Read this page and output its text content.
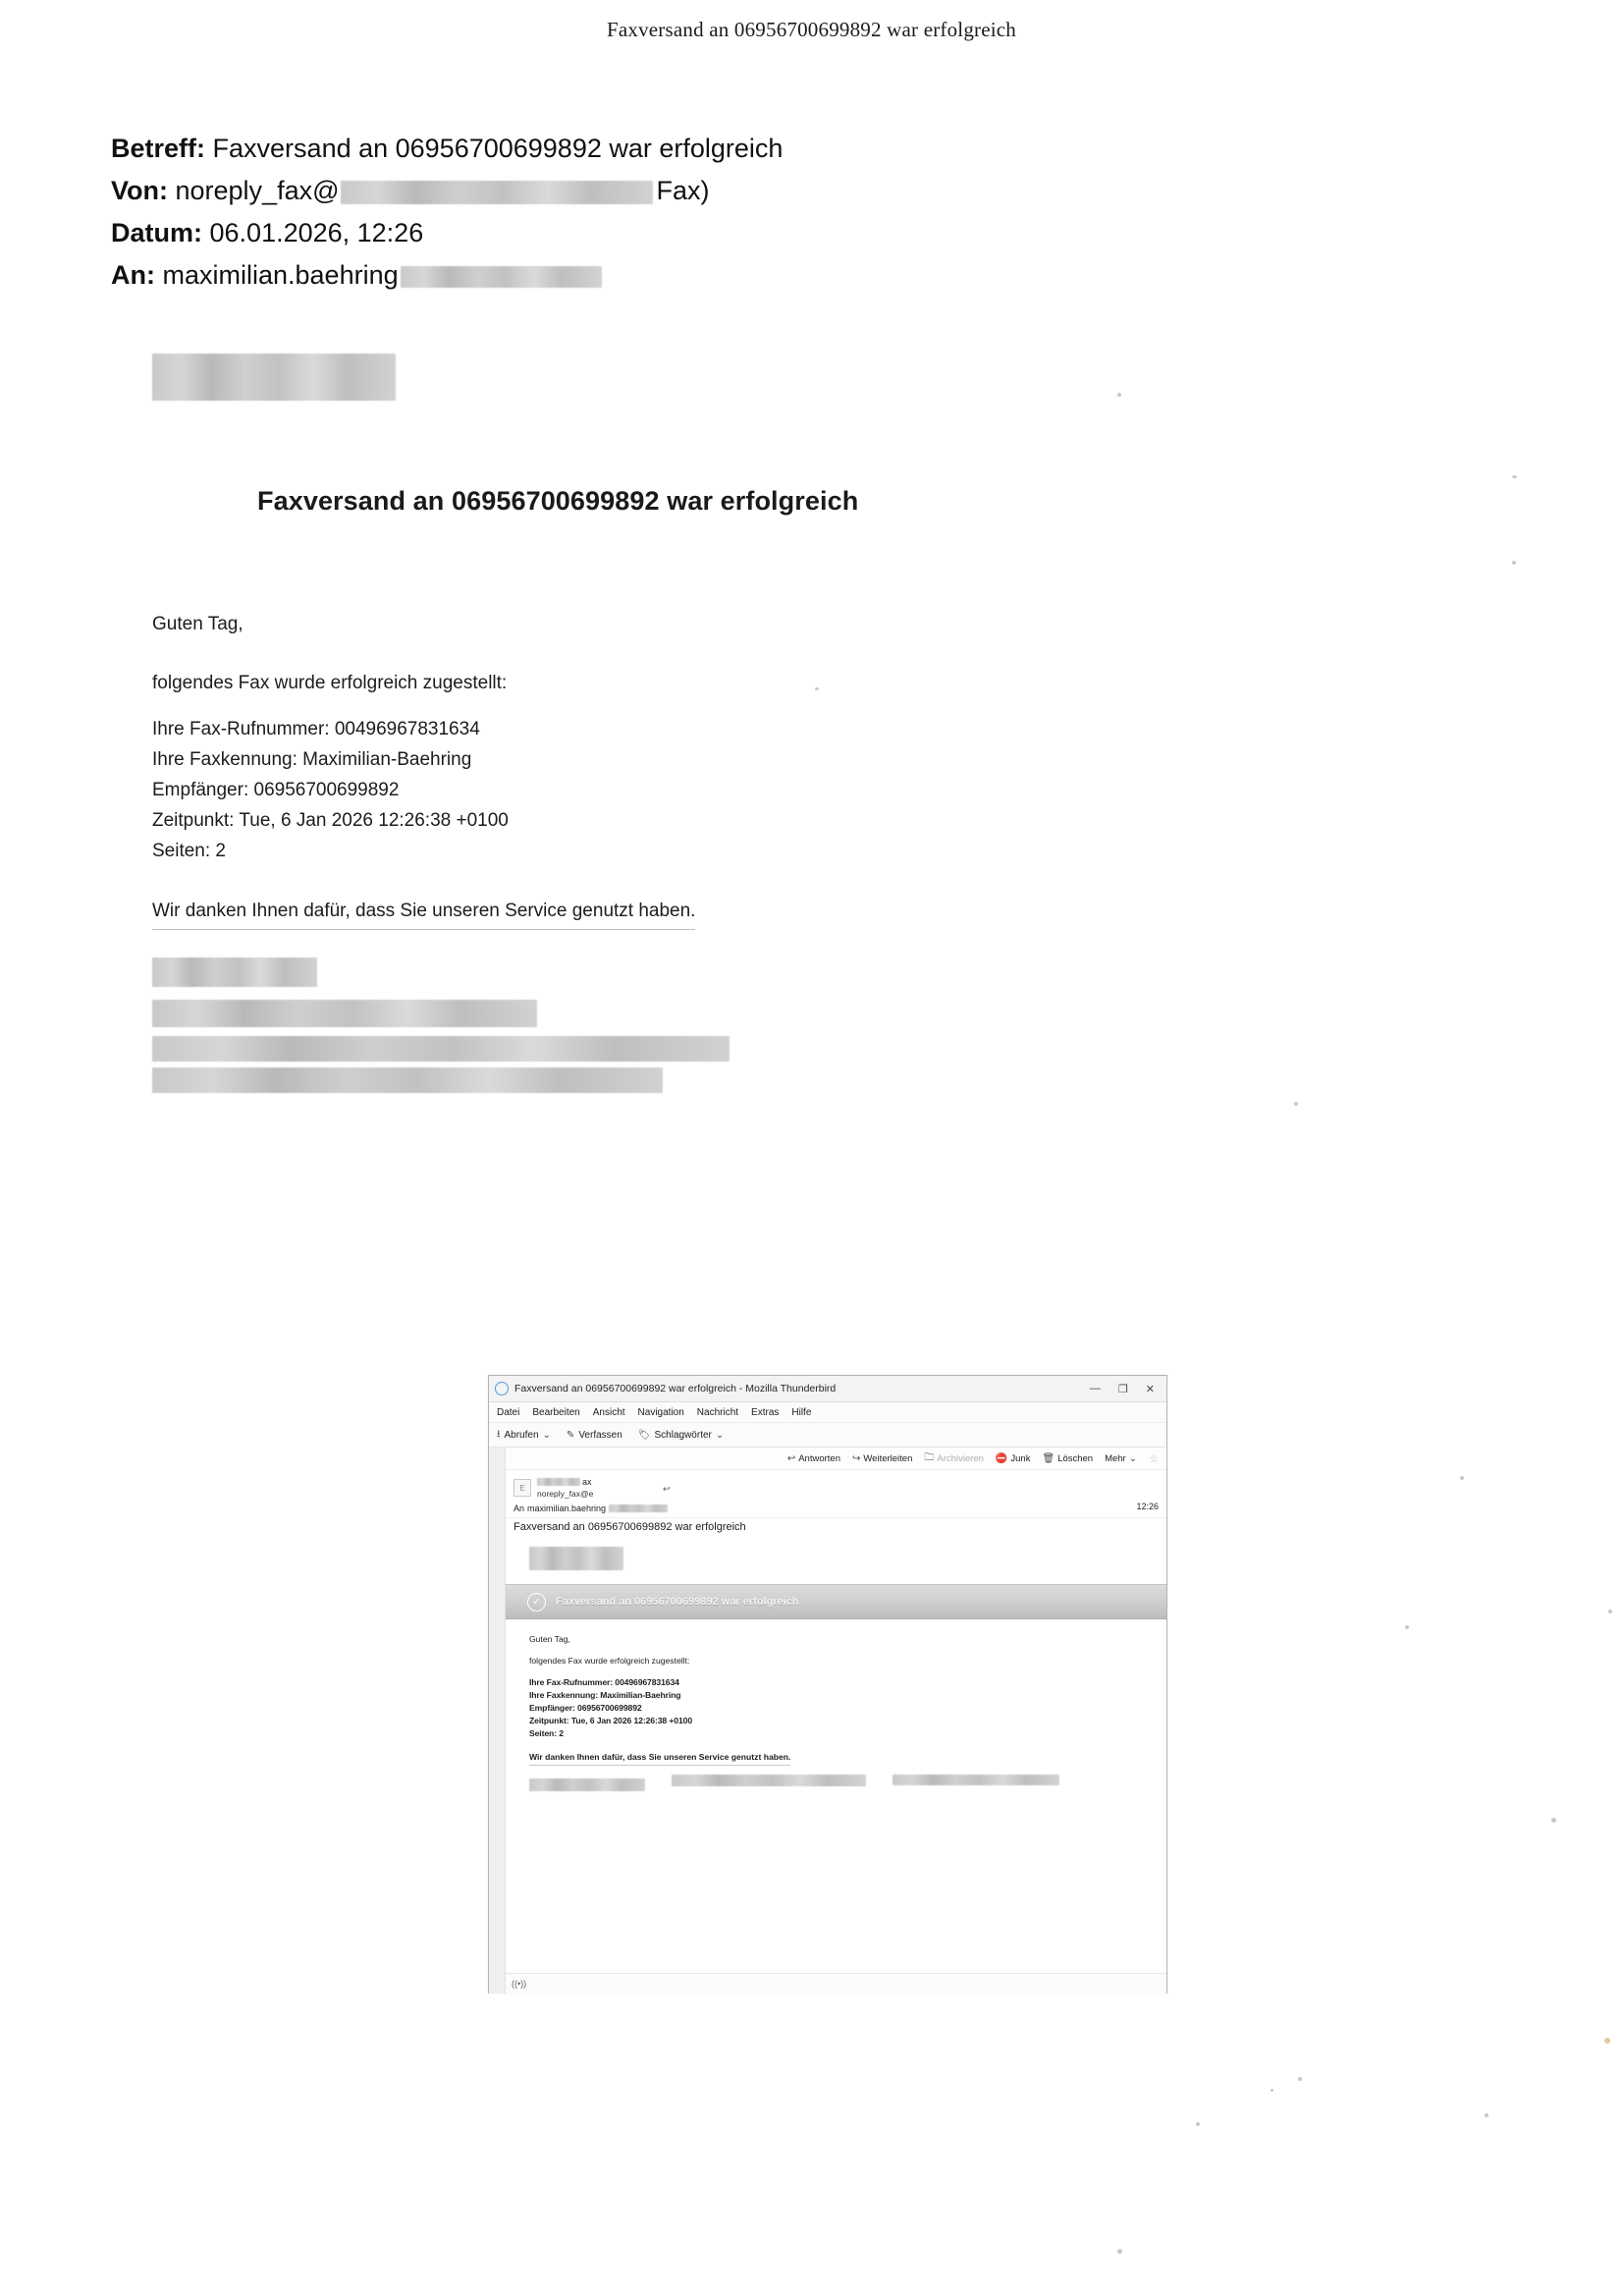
Faxversand an 06956700699892 war erfolgreich
Betreff: Faxversand an 06956700699892 war erfolgreich
Von: noreply_fax@	Fax)
Datum: 06.01.2026, 12:26
An: maximilian.baehring
Faxversand an 06956700699892 war erfolgreich
Guten Tag,
folgendes Fax wurde erfolgreich zugestellt:
Ihre Fax-Rufnummer: 00496967831634
Ihre Faxkennung: Maximilian-Baehring
Empfänger: 06956700699892
Zeitpunkt: Tue, 6 Jan 2026 12:26:38 +0100
Seiten: 2
Wir danken Ihnen dafür, dass Sie unseren Service genutzt haben.
Faxversand an 06956700699892 war erfolgreich - Mozilla Thunderbird	— ❐ ✕
Datei Bearbeiten Ansicht Navigation Nachricht Extras Hilfe
⭳ Abrufen ⌄ ✎ Verfassen 🏷 Schlagwörter ⌄
↩ Antworten ↪ Weiterleiten 🗀 Archivieren ⛔ Junk 🗑 Löschen Mehr ⌄ ☆
E
ax
noreply_fax@e	↩
An maximilian.baehring	12:26
Faxversand an 06956700699892 war erfolgreich
✓	Faxversand an 06956700699892 war erfolgreich
Guten Tag,
folgendes Fax wurde erfolgreich zugestellt:
Ihre Fax-Rufnummer: 00496967831634
Ihre Faxkennung: Maximilian-Baehring
Empfänger: 06956700699892
Zeitpunkt: Tue, 6 Jan 2026 12:26:38 +0100
Seiten: 2
Wir danken Ihnen dafür, dass Sie unseren Service genutzt haben.

((•))
